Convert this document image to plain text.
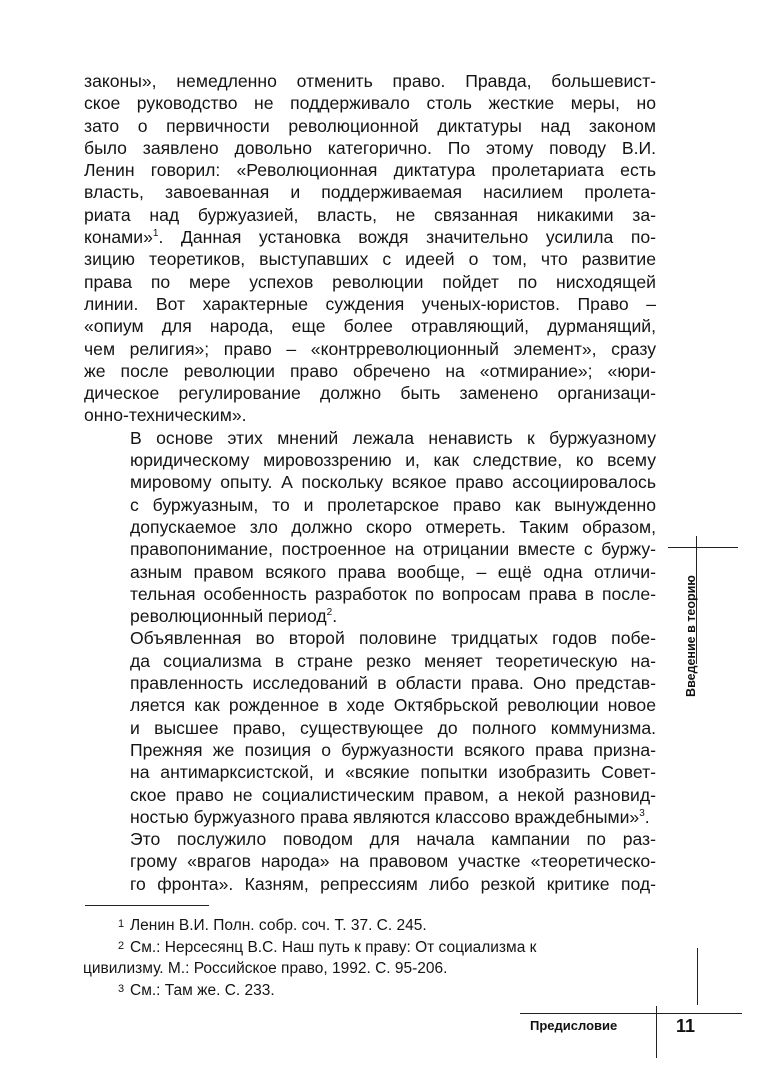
законы», немедленно отменить право. Правда, большевист-
ское руководство не поддерживало столь жесткие меры, но
зато о первичности революционной диктатуры над законом
было заявлено довольно категорично. По этому поводу В.И.
Ленин говорил: «Революционная диктатура пролетариата есть
власть, завоеванная и поддерживаемая насилием пролета-
риата над буржуазией, власть, не связанная никакими за-
конами»$^1$. Данная установка вождя значительно усилила по-
зицию теоретиков, выступавших с идеей о том, что развитие
права по мере успехов революции пойдет по нисходящей
линии. Вот характерные суждения ученых-юристов. Право –
«опиум для народа, еще более отравляющий, дурманящий,
чем религия»; право – «контрреволюционный элемент», сразу
же после революции право обречено на «отмирание»; «юри-
дическое регулирование должно быть заменено организаци-
онно-техническим».

В основе этих мнений лежала ненависть к буржуазному
юридическому мировоззрению и, как следствие, ко всему
мировому опыту. А поскольку всякое право ассоциировалось
с буржуазным, то и пролетарское право как вынужденно
допускаемое зло должно скоро отмереть. Таким образом,
правопонимание, построенное на отрицании вместе с буржу-
азным правом всякого права вообще, – ещё одна отличи-
тельная особенность разработок по вопросам права в после-
революционный период$^2$.

Объявленная во второй половине тридцатых годов побе-
да социализма в стране резко меняет теоретическую на-
правленность исследований в области права. Оно представ-
ляется как рожденное в ходе Октябрьской революции новое
и высшее право, существующее до полного коммунизма.
Прежняя же позиция о буржуазности всякого права призна-
на антимарксистской, и «всякие попытки изобразить Совет-
ское право не социалистическим правом, а некой разновид-
ностью буржуазного права являются классово враждебными»$^3$.

Это послужило поводом для начала кампании по раз-
грому «врагов народа» на правовом участке «теоретическо-
го фронта». Казням, репрессиям либо резкой критике под-

1 Ленин В.И. Полн. собр. соч. Т. 37. С. 245.
2 См.: Нерсесянц В.С. Наш путь к праву: От социализма к
цивилизму. М.: Российское право, 1992. С. 95-206.
3 См.: Там же. С. 233.
Введение в теорию
Предисловие	11
